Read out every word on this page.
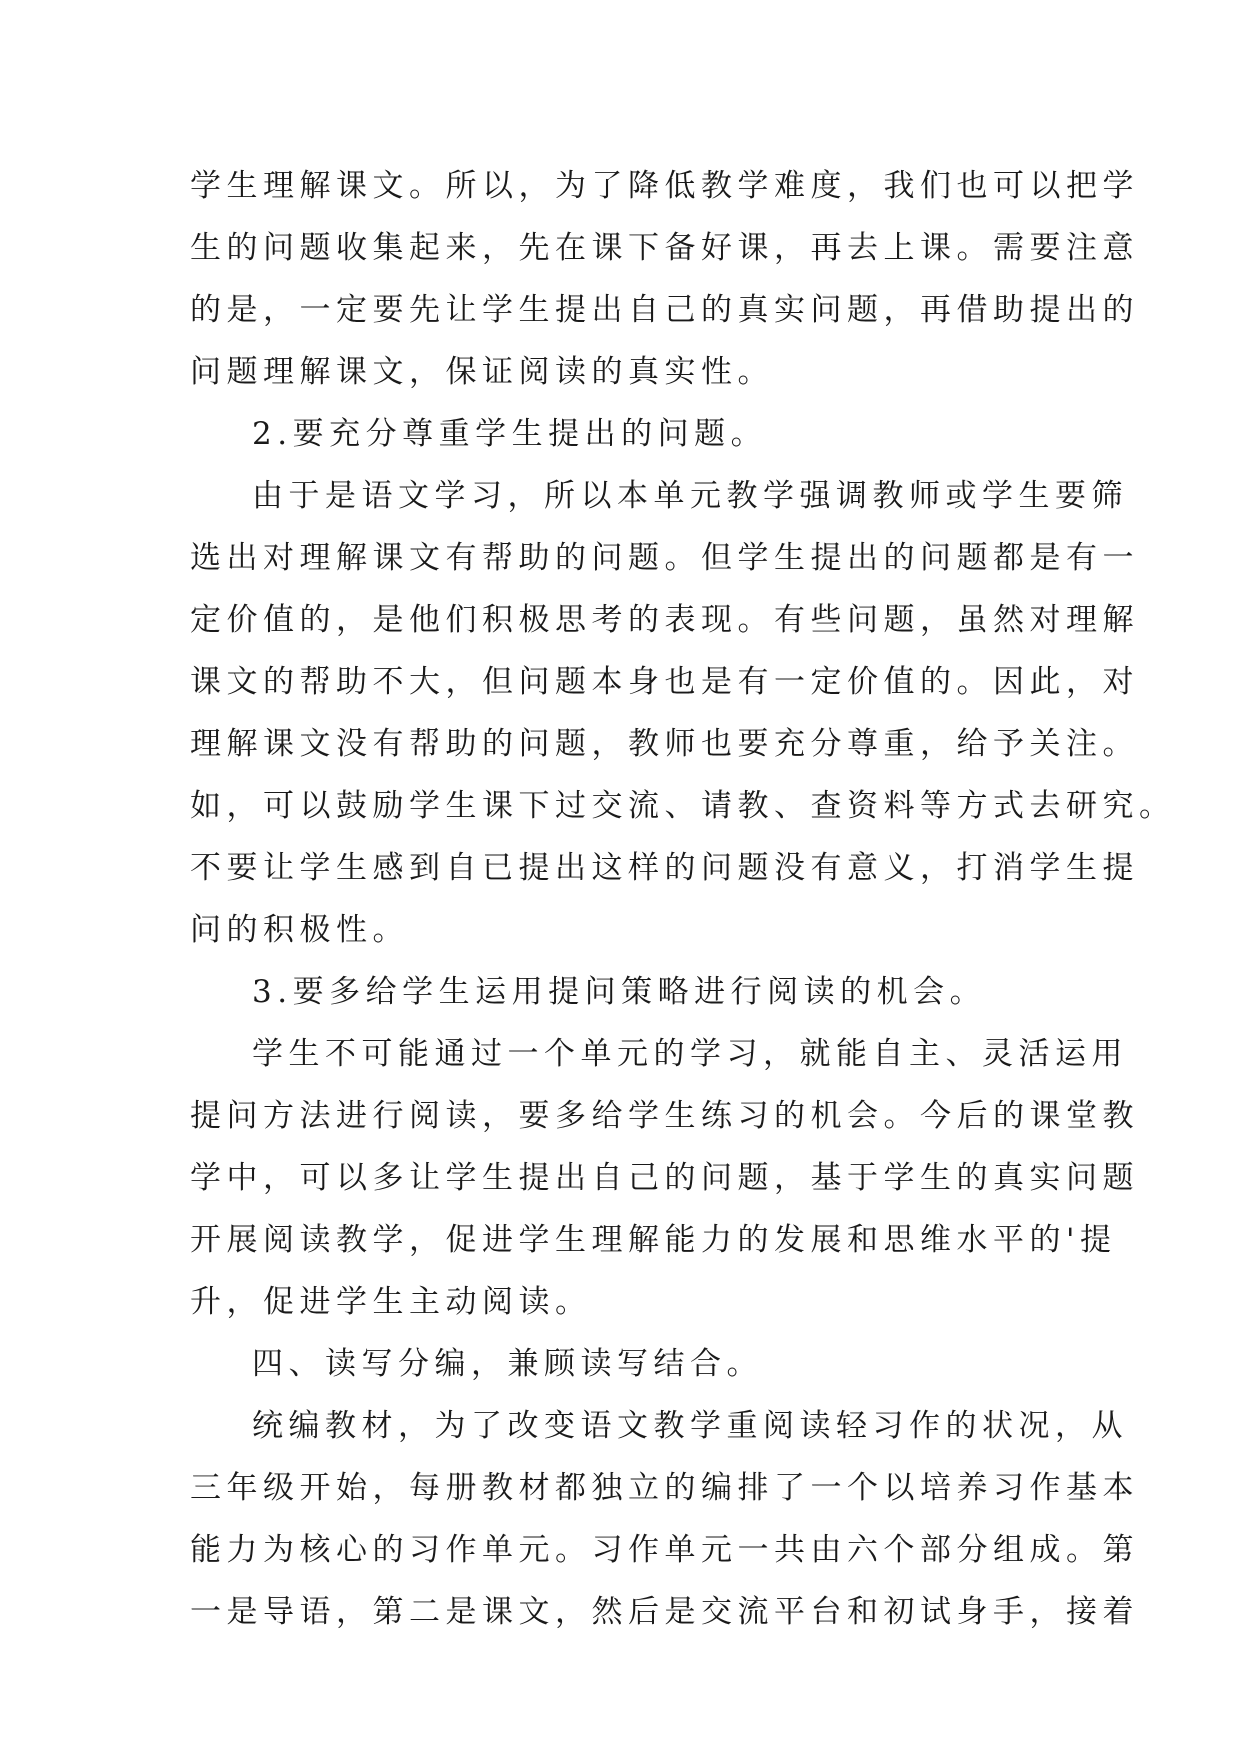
学生理解课文。所以，为了降低教学难度，我们也可以把学
生的问题收集起来，先在课下备好课，再去上课。需要注意
的是，一定要先让学生提出自己的真实问题，再借助提出的
问题理解课文，保证阅读的真实性。
2.要充分尊重学生提出的问题。
由于是语文学习，所以本单元教学强调教师或学生要筛
选出对理解课文有帮助的问题。但学生提出的问题都是有一
定价值的，是他们积极思考的表现。有些问题，虽然对理解
课文的帮助不大，但问题本身也是有一定价值的。因此，对
理解课文没有帮助的问题，教师也要充分尊重，给予关注。
如，可以鼓励学生课下过交流、请教、查资料等方式去研究。
不要让学生感到自已提出这样的问题没有意义，打消学生提
问的积极性。
3.要多给学生运用提问策略进行阅读的机会。
学生不可能通过一个单元的学习，就能自主、灵活运用
提问方法进行阅读，要多给学生练习的机会。今后的课堂教
学中，可以多让学生提出自己的问题，基于学生的真实问题
开展阅读教学，促进学生理解能力的发展和思维水平的'提
升，促进学生主动阅读。
四、读写分编，兼顾读写结合。
统编教材，为了改变语文教学重阅读轻习作的状况，从
三年级开始，每册教材都独立的编排了一个以培养习作基本
能力为核心的习作单元。习作单元一共由六个部分组成。第
一是导语，第二是课文，然后是交流平台和初试身手，接着
